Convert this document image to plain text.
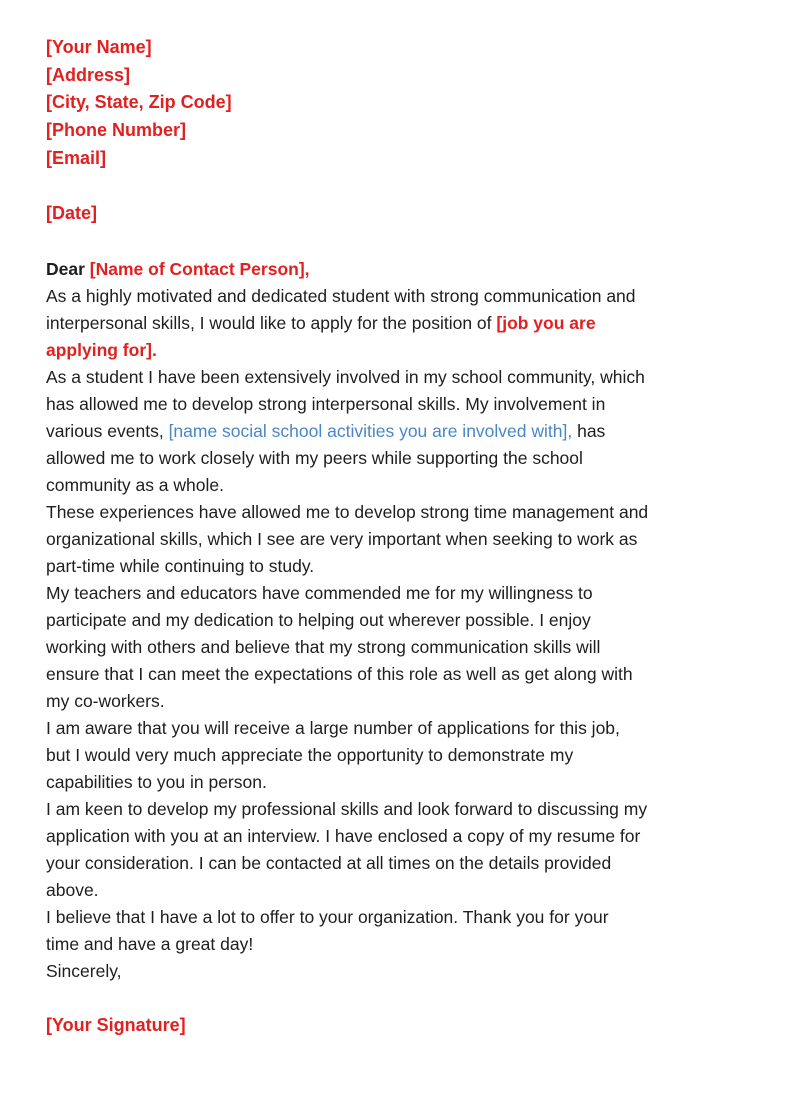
[Your Name]
[Address]
[City, State, Zip Code]
[Phone Number]
[Email]
[Date]
Dear [Name of Contact Person],
As a highly motivated and dedicated student with strong communication and
interpersonal skills, I would like to apply for the position of [job you are
applying for].
As a student I have been extensively involved in my school community, which
has allowed me to develop strong interpersonal skills. My involvement in
various events, [name social school activities you are involved with], has
allowed me to work closely with my peers while supporting the school
community as a whole.
These experiences have allowed me to develop strong time management and
organizational skills, which I see are very important when seeking to work as
part-time while continuing to study.
My teachers and educators have commended me for my willingness to
participate and my dedication to helping out wherever possible. I enjoy
working with others and believe that my strong communication skills will
ensure that I can meet the expectations of this role as well as get along with
my co-workers.
I am aware that you will receive a large number of applications for this job,
but I would very much appreciate the opportunity to demonstrate my
capabilities to you in person.
I am keen to develop my professional skills and look forward to discussing my
application with you at an interview. I have enclosed a copy of my resume for
your consideration. I can be contacted at all times on the details provided
above.
I believe that I have a lot to offer to your organization. Thank you for your
time and have a great day!
Sincerely,
[Your Signature]
